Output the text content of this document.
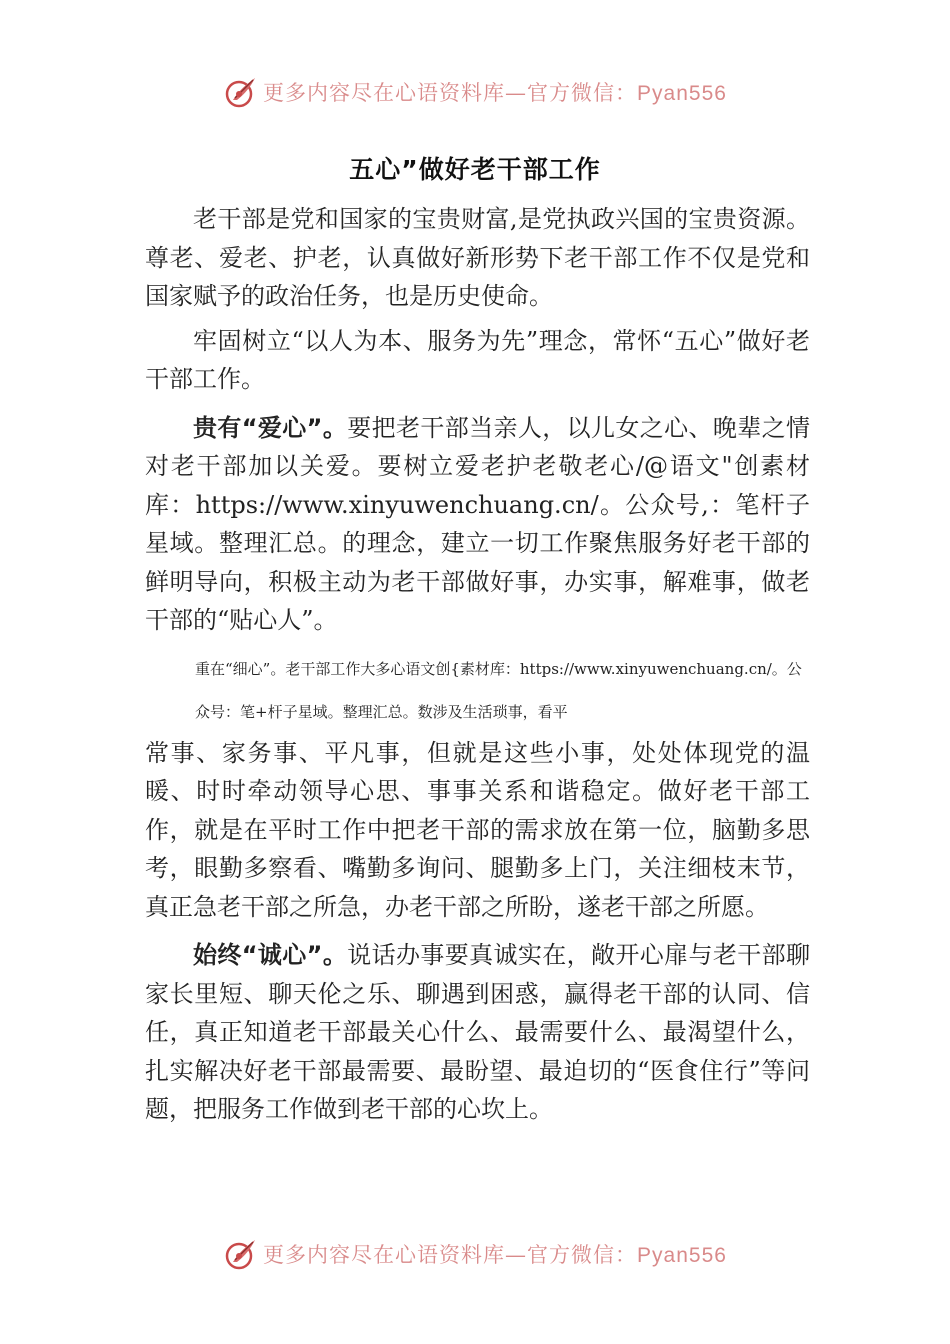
更多内容尽在心语资料库—官方微信：Pyan556
五心”做好老干部工作

老干部是党和国家的宝贵财富,是党执政兴国的宝贵资源。尊老、爱老、护老，认真做好新形势下老干部工作不仅是党和国家赋予的政治任务，也是历史使命。

牢固树立“以人为本、服务为先”理念，常怀“五心”做好老干部工作。

贵有“爱心”。要把老干部当亲人，以儿女之心、晚辈之情对老干部加以关爱。要树立爱老护老敬老心/@语文"创素材库：https://www.xinyuwenchuang.cn/。公众号,：笔杆子星域。整理汇总。的理念，建立一切工作聚焦服务好老干部的鲜明导向，积极主动为老干部做好事，办实事，解难事，做老干部的“贴心人”。

重在“细心”。老干部工作大多心语文创{素材库：https://www.xinyuwenchuang.cn/。公众号：笔+杆子星域。整理汇总。数涉及生活琐事，看平

常事、家务事、平凡事，但就是这些小事，处处体现党的温暖、时时牵动领导心思、事事关系和谐稳定。做好老干部工作，就是在平时工作中把老干部的需求放在第一位，脑勤多思考，眼勤多察看、嘴勤多询问、腿勤多上门，关注细枝末节，真正急老干部之所急，办老干部之所盼，遂老干部之所愿。

始终“诚心”。说话办事要真诚实在，敞开心扉与老干部聊家长里短、聊天伦之乐、聊遇到困惑，赢得老干部的认同、信任，真正知道老干部最关心什么、最需要什么、最渴望什么，扎实解决好老干部最需要、最盼望、最迫切的“医食住行”等问题，把服务工作做到老干部的心坎上。

更多内容尽在心语资料库—官方微信：Pyan556
